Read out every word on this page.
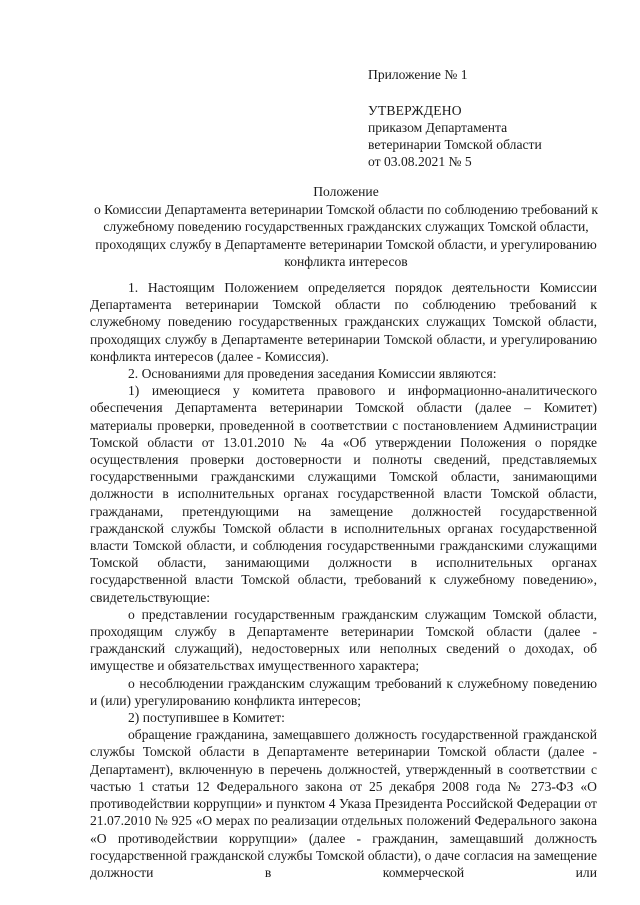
Приложение № 1
УТВЕРЖДЕНО
приказом Департамента
ветеринарии Томской области
от 03.08.2021 № 5
Положение
о Комиссии Департамента ветеринарии Томской области по соблюдению требований к служебному поведению государственных гражданских служащих Томской области, проходящих службу в Департаменте ветеринарии Томской области, и урегулированию конфликта интересов

1. Настоящим Положением определяется порядок деятельности Комиссии Департамента ветеринарии Томской области по соблюдению требований к служебному поведению государственных гражданских служащих Томской области, проходящих службу в Департаменте ветеринарии Томской области, и урегулированию конфликта интересов (далее - Комиссия).

2. Основаниями для проведения заседания Комиссии являются:

1) имеющиеся у комитета правового и информационно-аналитического обеспечения Департамента ветеринарии Томской области (далее – Комитет) материалы проверки, проведенной в соответствии с постановлением Администрации Томской области от 13.01.2010 № 4а «Об утверждении Положения о порядке осуществления проверки достоверности и полноты сведений, представляемых государственными гражданскими служащими Томской области, занимающими должности в исполнительных органах государственной власти Томской области, гражданами, претендующими на замещение должностей государственной гражданской службы Томской области в исполнительных органах государственной власти Томской области, и соблюдения государственными гражданскими служащими Томской области, занимающими должности в исполнительных органах государственной власти Томской области, требований к служебному поведению», свидетельствующие:

о представлении государственным гражданским служащим Томской области, проходящим службу в Департаменте ветеринарии Томской области (далее - гражданский служащий), недостоверных или неполных сведений о доходах, об имуществе и обязательствах имущественного характера;

о несоблюдении гражданским служащим требований к служебному поведению и (или) урегулированию конфликта интересов;

2) поступившее в Комитет:

обращение гражданина, замещавшего должность государственной гражданской службы Томской области в Департаменте ветеринарии Томской области (далее - Департамент), включенную в перечень должностей, утвержденный в соответствии с частью 1 статьи 12 Федерального закона от 25 декабря 2008 года № 273-ФЗ «О противодействии коррупции» и пунктом 4 Указа Президента Российской Федерации от 21.07.2010 № 925 «О мерах по реализации отдельных положений Федерального закона «О противодействии коррупции» (далее - гражданин, замещавший должность государственной гражданской службы Томской области), о даче согласия на замещение должности в коммерческой или
